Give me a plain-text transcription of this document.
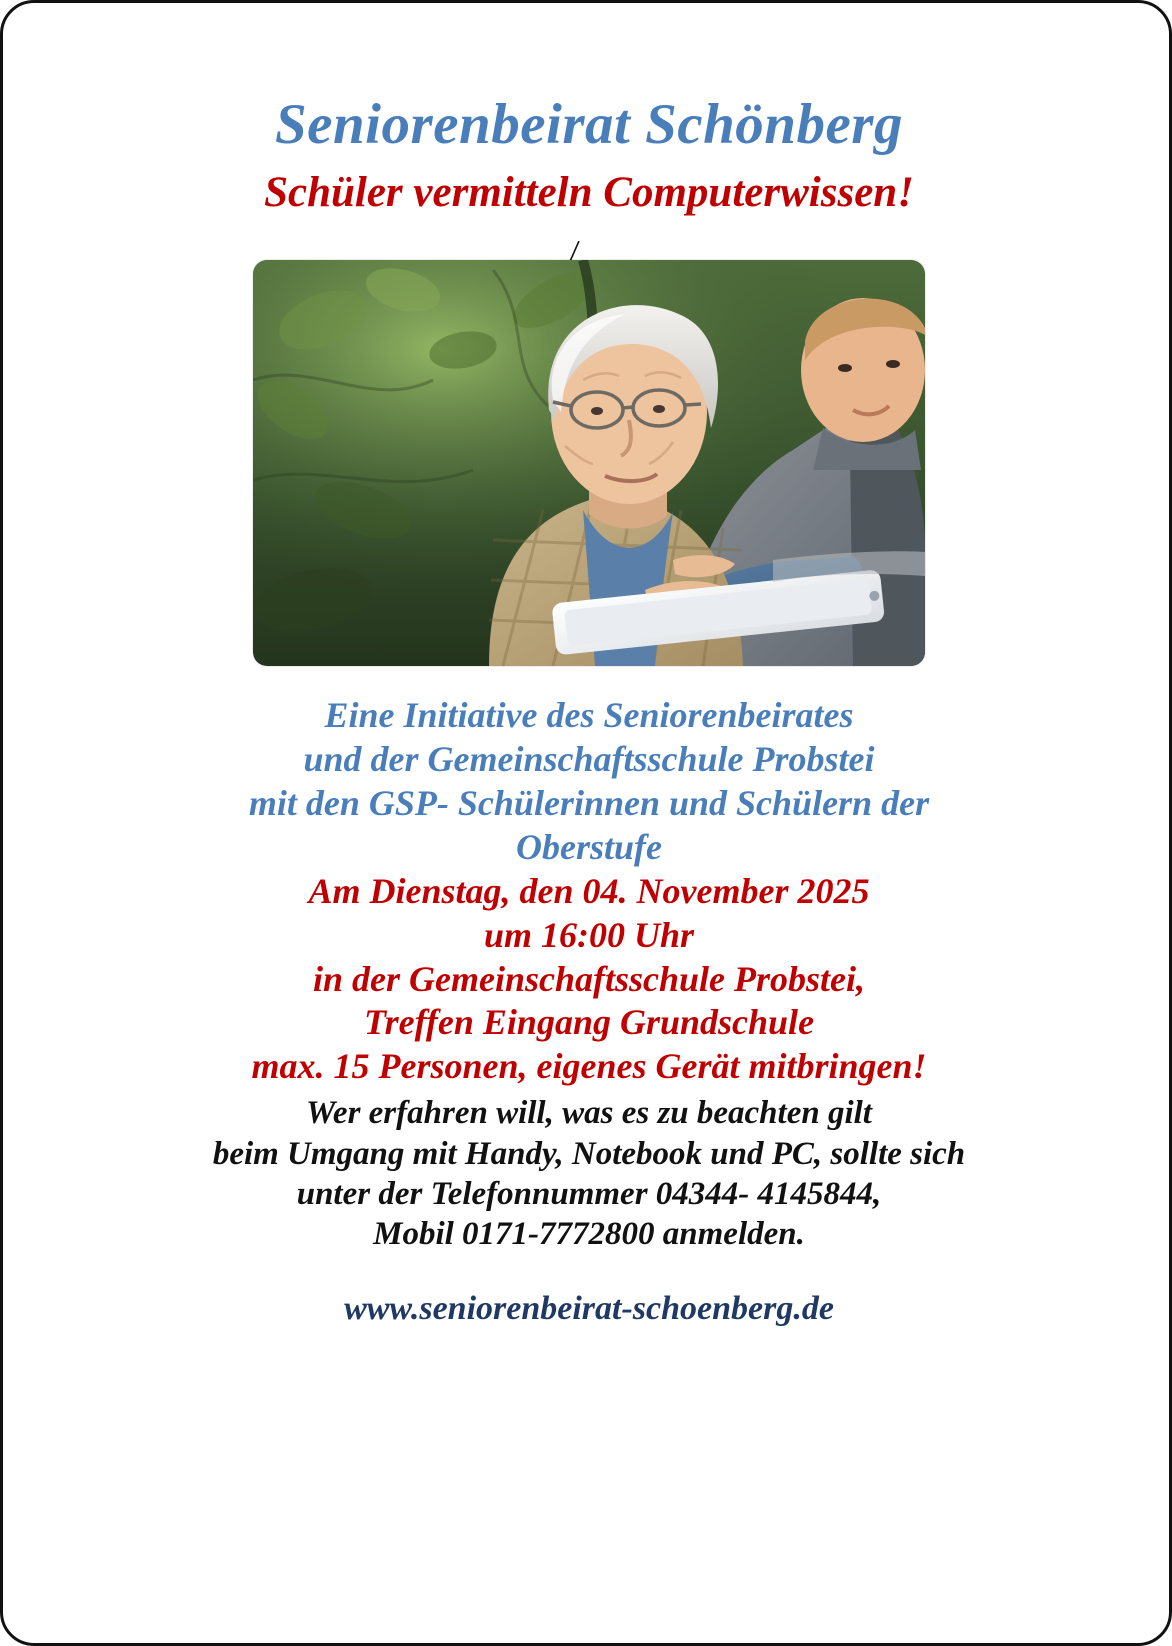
Seniorenbeirat Schönberg
Schüler vermitteln Computerwissen!
Eine Initiative des Seniorenbeirates
und der Gemeinschaftsschule Probstei
mit den GSP- Schülerinnen und Schülern der
Oberstufe
Am Dienstag, den 04. November 2025
um 16:00 Uhr
in der Gemeinschaftsschule Probstei,
Treffen Eingang Grundschule
max. 15 Personen, eigenes Gerät mitbringen!
Wer erfahren will, was es zu beachten gilt
beim Umgang mit Handy, Notebook und PC, sollte sich
unter der Telefonnummer 04344- 4145844,
Mobil 0171-7772800 anmelden.
www.seniorenbeirat-schoenberg.de
